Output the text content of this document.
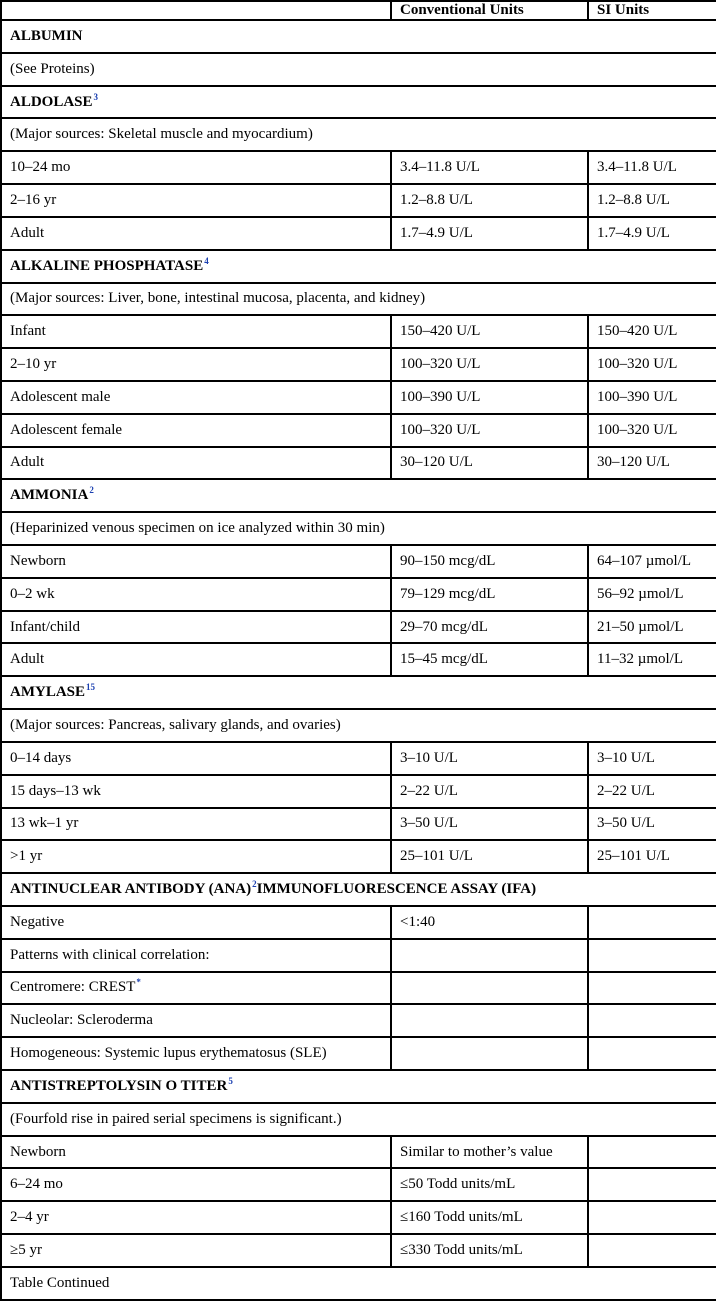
	Conventional Units	SI Units
ALBUMIN		
(See Proteins)		
ALDOLASE$^3$
(Major sources: Skeletal muscle and myocardium)		
10–24 mo	3.4–11.8 U/L	3.4–11.8 U/L
2–16 yr	1.2–8.8 U/L	1.2–8.8 U/L
Adult	1.7–4.9 U/L	1.7–4.9 U/L
ALKALINE PHOSPHATASE$^4$
(Major sources: Liver, bone, intestinal mucosa, placenta, and kidney)		
Infant	150–420 U/L	150–420 U/L
2–10 yr	100–320 U/L	100–320 U/L
Adolescent male	100–390 U/L	100–390 U/L
Adolescent female	100–320 U/L	100–320 U/L
Adult	30–120 U/L	30–120 U/L
AMMONIA$^2$
(Heparinized venous specimen on ice analyzed within 30 min)		
Newborn	90–150 mcg/dL	64–107 µmol/L
0–2 wk	79–129 mcg/dL	56–92 µmol/L
Infant/child	29–70 mcg/dL	21–50 µmol/L
Adult	15–45 mcg/dL	11–32 µmol/L
AMYLASE$^{15}$
(Major sources: Pancreas, salivary glands, and ovaries)		
0–14 days	3–10 U/L	3–10 U/L
15 days–13 wk	2–22 U/L	2–22 U/L
13 wk–1 yr	3–50 U/L	3–50 U/L
>1 yr	25–101 U/L	25–101 U/L
ANTINUCLEAR ANTIBODY (ANA)$^2$IMMUNOFLUORESCENCE ASSAY (IFA)		
Negative	<1:40	
Patterns with clinical correlation:		
Centromere: CREST*		
Nucleolar: Scleroderma		
Homogeneous: Systemic lupus erythematosus (SLE)		
ANTISTREPTOLYSIN O TITER$^5$
(Fourfold rise in paired serial specimens is significant.)		
Newborn	Similar to mother’s value	
6–24 mo	≤50 Todd units/mL	
2–4 yr	≤160 Todd units/mL	
≥5 yr	≤330 Todd units/mL	
Table Continued		
